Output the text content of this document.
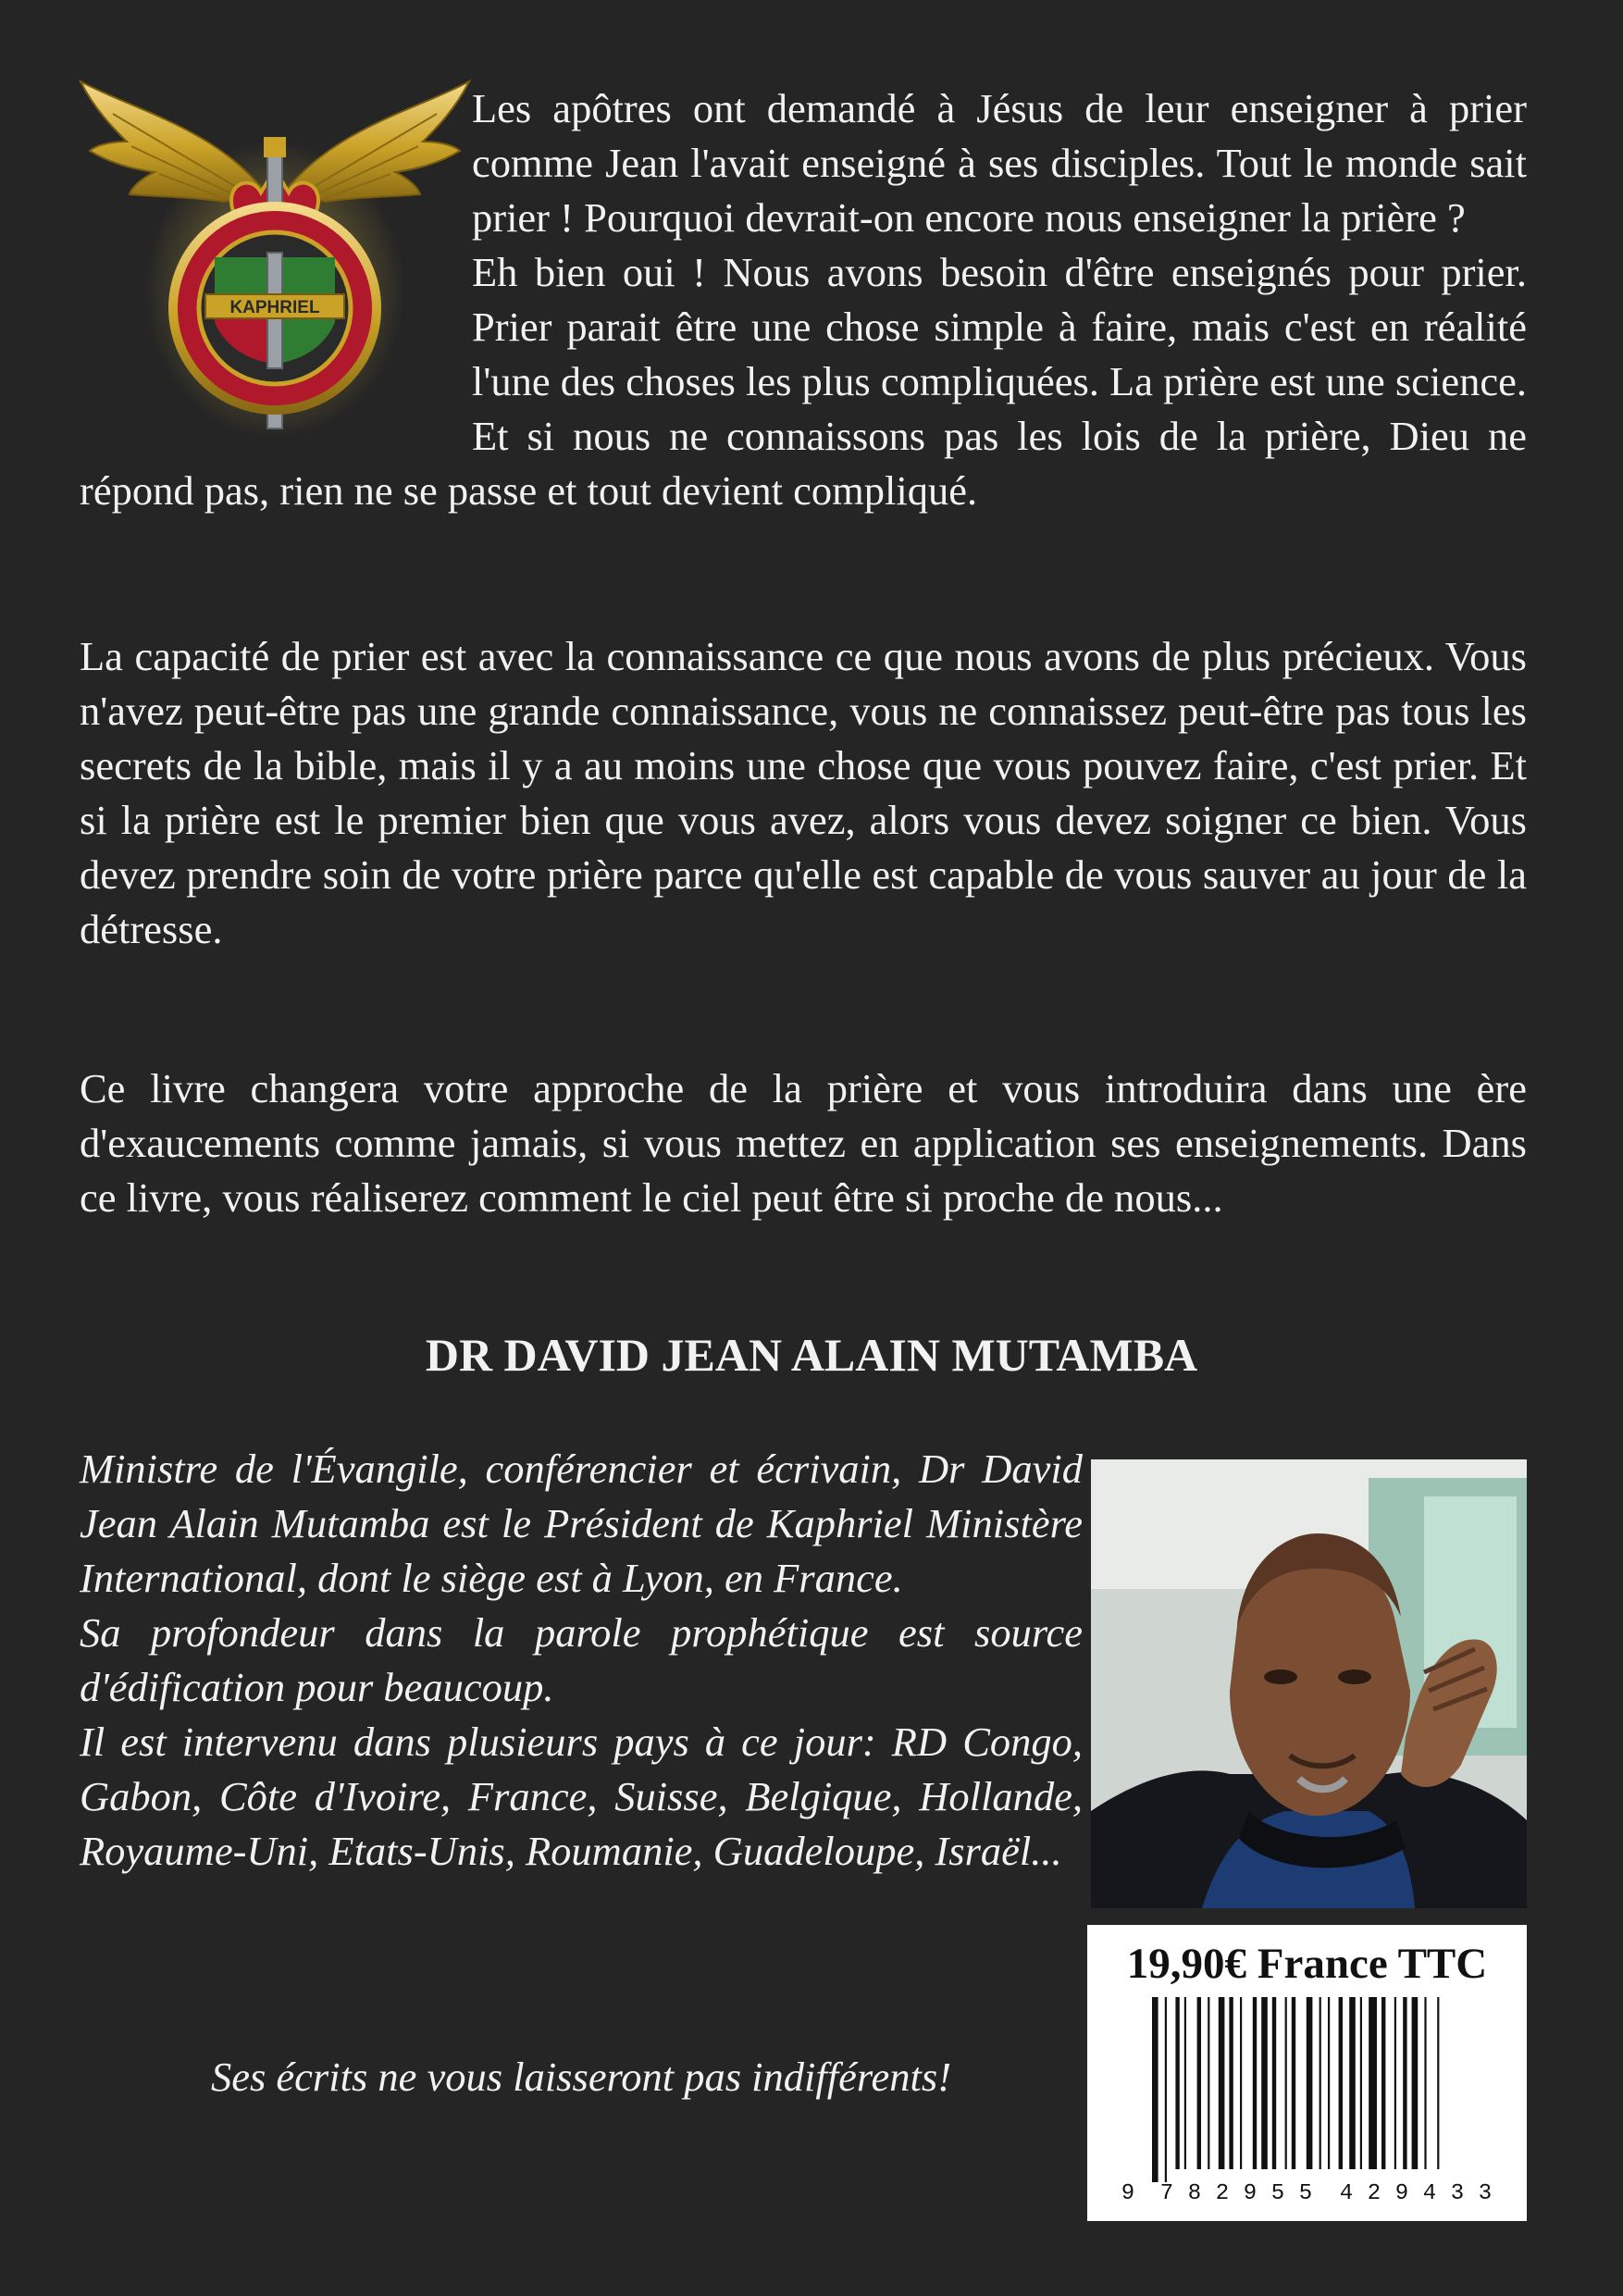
KAPHRIEL
Les apôtres ont demandé à Jésus de leur enseigner à prier comme Jean l'avait enseigné à ses disciples. Tout le monde sait prier ! Pourquoi devrait-on encore nous enseigner la prière ?
Eh bien oui ! Nous avons besoin d'être enseignés pour prier. Prier parait être une chose simple à faire, mais c'est en réalité l'une des choses les plus compliquées. La prière est une science. Et si nous ne connaissons pas les lois de la prière, Dieu ne répond pas, rien ne se passe et tout devient compliqué.
La capacité de prier est avec la connaissance ce que nous avons de plus précieux. Vous n'avez peut-être pas une grande connaissance, vous ne connaissez peut-être pas tous les secrets de la bible, mais il y a au moins une chose que vous pouvez faire, c'est prier. Et si la prière est le premier bien que vous avez, alors vous devez soigner ce bien. Vous devez prendre soin de votre prière parce qu'elle est capable de vous sauver au jour de la détresse.
Ce livre changera votre approche de la prière et vous introduira dans une ère d'exaucements comme jamais, si vous mettez en application ses enseignements. Dans ce livre, vous réaliserez comment le ciel peut être si proche de nous...
DR DAVID JEAN ALAIN MUTAMBA
Ministre de l'Évangile, conférencier et écrivain, Dr David Jean Alain Mutamba est le Président de Kaphriel Ministère International, dont le siège est à Lyon, en France.
Sa profondeur dans la parole prophétique est source d'édification pour beaucoup.
Il est intervenu dans plusieurs pays à ce jour: RD Congo, Gabon, Côte d'Ivoire, France, Suisse, Belgique, Hollande, Royaume-Uni, Etats-Unis, Roumanie, Guadeloupe, Israël...
Ses écrits ne vous laisseront pas indifférents!
19,90€ France TTC
9 7 8 2 9 5 5 4 2 9 4 3 3
